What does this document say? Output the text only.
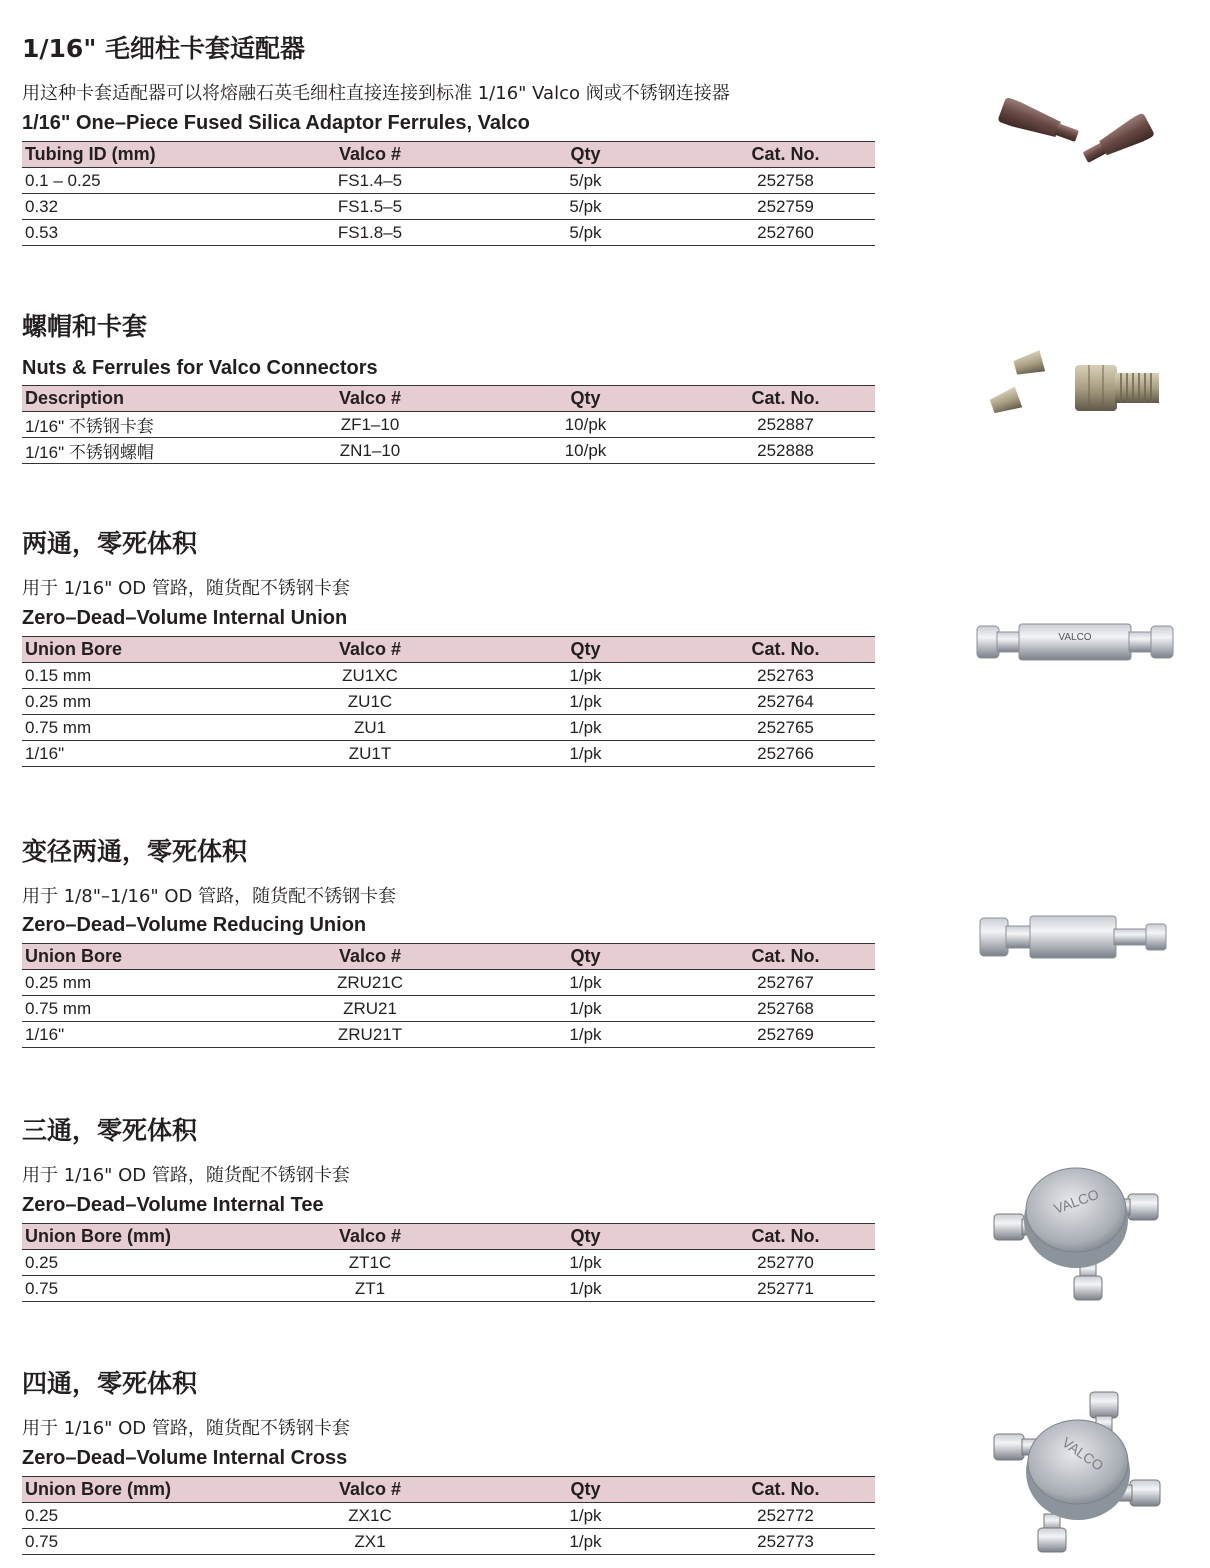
1/16" 毛细柱卡套适配器
用这种卡套适配器可以将熔融石英毛细柱直接连接到标准 1/16" Valco 阀或不锈钢连接器
1/16" One–Piece Fused Silica Adaptor Ferrules, Valco
Tubing ID (mm)	Valco #	Qty	Cat. No.
0.1 – 0.25	FS1.4–5	5/pk	252758
0.32	FS1.5–5	5/pk	252759
0.53	FS1.8–5	5/pk	252760
螺帽和卡套
Nuts & Ferrules for Valco Connectors
Description	Valco #	Qty	Cat. No.
1/16" 不锈钢卡套	ZF1–10	10/pk	252887
1/16" 不锈钢螺帽	ZN1–10	10/pk	252888
两通，零死体积
用于 1/16" OD 管路，随货配不锈钢卡套
Zero–Dead–Volume Internal Union
Union Bore	Valco #	Qty	Cat. No.
0.15 mm	ZU1XC	1/pk	252763
0.25 mm	ZU1C	1/pk	252764
0.75 mm	ZU1	1/pk	252765
1/16"	ZU1T	1/pk	252766
变径两通，零死体积
用于 1/8"–1/16" OD 管路，随货配不锈钢卡套
Zero–Dead–Volume Reducing Union
Union Bore	Valco #	Qty	Cat. No.
0.25 mm	ZRU21C	1/pk	252767
0.75 mm	ZRU21	1/pk	252768
1/16"	ZRU21T	1/pk	252769
三通，零死体积
用于 1/16" OD 管路，随货配不锈钢卡套
Zero–Dead–Volume Internal Tee
Union Bore (mm)	Valco #	Qty	Cat. No.
0.25	ZT1C	1/pk	252770
0.75	ZT1	1/pk	252771
四通，零死体积
用于 1/16" OD 管路，随货配不锈钢卡套
Zero–Dead–Volume Internal Cross
Union Bore (mm)	Valco #	Qty	Cat. No.
0.25	ZX1C	1/pk	252772
0.75	ZX1	1/pk	252773
VALCO
VALCO
VALCO
